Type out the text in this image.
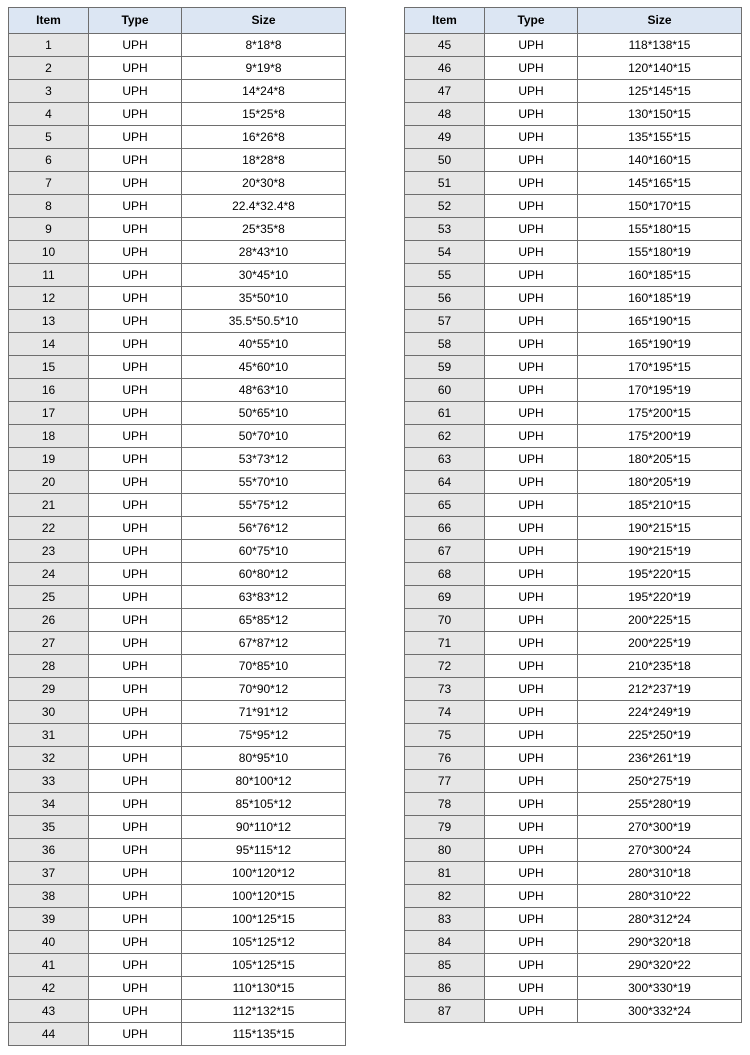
Item	Type	Size
1	UPH	8*18*8
2	UPH	9*19*8
3	UPH	14*24*8
4	UPH	15*25*8
5	UPH	16*26*8
6	UPH	18*28*8
7	UPH	20*30*8
8	UPH	22.4*32.4*8
9	UPH	25*35*8
10	UPH	28*43*10
11	UPH	30*45*10
12	UPH	35*50*10
13	UPH	35.5*50.5*10
14	UPH	40*55*10
15	UPH	45*60*10
16	UPH	48*63*10
17	UPH	50*65*10
18	UPH	50*70*10
19	UPH	53*73*12
20	UPH	55*70*10
21	UPH	55*75*12
22	UPH	56*76*12
23	UPH	60*75*10
24	UPH	60*80*12
25	UPH	63*83*12
26	UPH	65*85*12
27	UPH	67*87*12
28	UPH	70*85*10
29	UPH	70*90*12
30	UPH	71*91*12
31	UPH	75*95*12
32	UPH	80*95*10
33	UPH	80*100*12
34	UPH	85*105*12
35	UPH	90*110*12
36	UPH	95*115*12
37	UPH	100*120*12
38	UPH	100*120*15
39	UPH	100*125*15
40	UPH	105*125*12
41	UPH	105*125*15
42	UPH	110*130*15
43	UPH	112*132*15
44	UPH	115*135*15
Item	Type	Size
45	UPH	118*138*15
46	UPH	120*140*15
47	UPH	125*145*15
48	UPH	130*150*15
49	UPH	135*155*15
50	UPH	140*160*15
51	UPH	145*165*15
52	UPH	150*170*15
53	UPH	155*180*15
54	UPH	155*180*19
55	UPH	160*185*15
56	UPH	160*185*19
57	UPH	165*190*15
58	UPH	165*190*19
59	UPH	170*195*15
60	UPH	170*195*19
61	UPH	175*200*15
62	UPH	175*200*19
63	UPH	180*205*15
64	UPH	180*205*19
65	UPH	185*210*15
66	UPH	190*215*15
67	UPH	190*215*19
68	UPH	195*220*15
69	UPH	195*220*19
70	UPH	200*225*15
71	UPH	200*225*19
72	UPH	210*235*18
73	UPH	212*237*19
74	UPH	224*249*19
75	UPH	225*250*19
76	UPH	236*261*19
77	UPH	250*275*19
78	UPH	255*280*19
79	UPH	270*300*19
80	UPH	270*300*24
81	UPH	280*310*18
82	UPH	280*310*22
83	UPH	280*312*24
84	UPH	290*320*18
85	UPH	290*320*22
86	UPH	300*330*19
87	UPH	300*332*24
